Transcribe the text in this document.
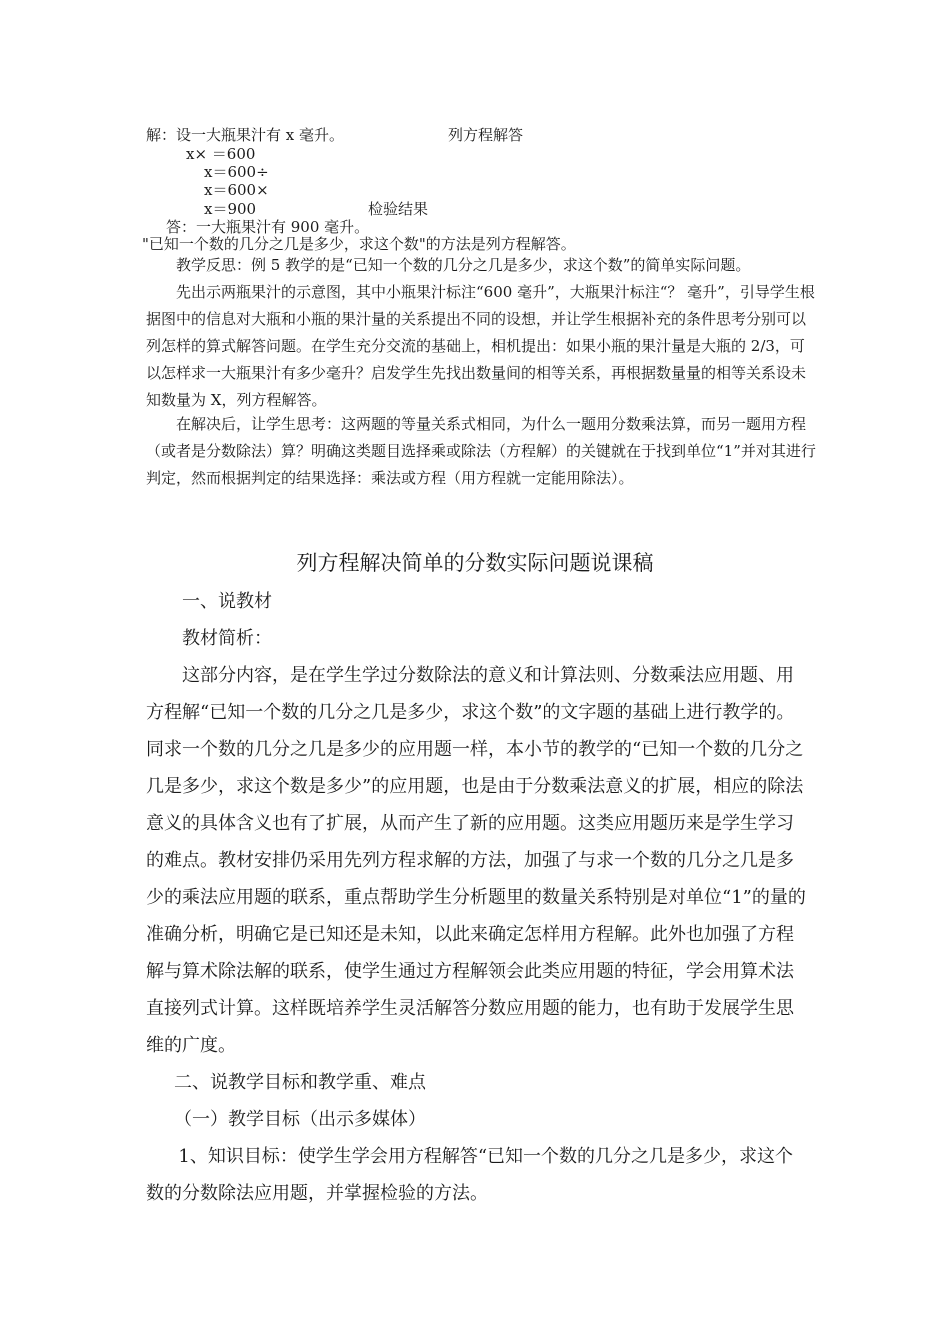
解：设一大瓶果汁有 x 毫升。	列方程解答

x× ＝600

x＝600÷

x＝600×

x＝900	检验结果

答：一大瓶果汁有 900 毫升。

"已知一个数的几分之几是多少，求这个数"的方法是列方程解答。

教学反思：例 5 教学的是“已知一个数的几分之几是多少，求这个数”的简单实际问题。

先出示两瓶果汁的示意图，其中小瓶果汁标注“600 毫升”，大瓶果汁标注“？ 毫升”，引导学生根据图中的信息对大瓶和小瓶的果汁量的关系提出不同的设想，并让学生根据补充的条件思考分别可以列怎样的算式解答问题。在学生充分交流的基础上，相机提出：如果小瓶的果汁量是大瓶的 2/3，可以怎样求一大瓶果汁有多少毫升？启发学生先找出数量间的相等关系，再根据数量量的相等关系设未知数量为 X，列方程解答。

在解决后，让学生思考：这两题的等量关系式相同，为什么一题用分数乘法算，而另一题用方程（或者是分数除法）算？明确这类题目选择乘或除法（方程解）的关键就在于找到单位“1”并对其进行判定，然而根据判定的结果选择：乘法或方程（用方程就一定能用除法）。

列方程解决简单的分数实际问题说课稿

一、说教材

教材简析：

这部分内容，是在学生学过分数除法的意义和计算法则、分数乘法应用题、用方程解“已知一个数的几分之几是多少，求这个数”的文字题的基础上进行教学的。同求一个数的几分之几是多少的应用题一样，本小节的教学的“已知一个数的几分之几是多少，求这个数是多少”的应用题，也是由于分数乘法意义的扩展，相应的除法意义的具体含义也有了扩展，从而产生了新的应用题。这类应用题历来是学生学习的难点。教材安排仍采用先列方程求解的方法，加强了与求一个数的几分之几是多少的乘法应用题的联系，重点帮助学生分析题里的数量关系特别是对单位“1”的量的准确分析，明确它是已知还是未知，以此来确定怎样用方程解。此外也加强了方程解与算术除法解的联系，使学生通过方程解领会此类应用题的特征，学会用算术法直接列式计算。这样既培养学生灵活解答分数应用题的能力，也有助于发展学生思维的广度。

二、说教学目标和教学重、难点

（一）教学目标（出示多媒体）

1、知识目标：使学生学会用方程解答“已知一个数的几分之几是多少，求这个数的分数除法应用题，并掌握检验的方法。
